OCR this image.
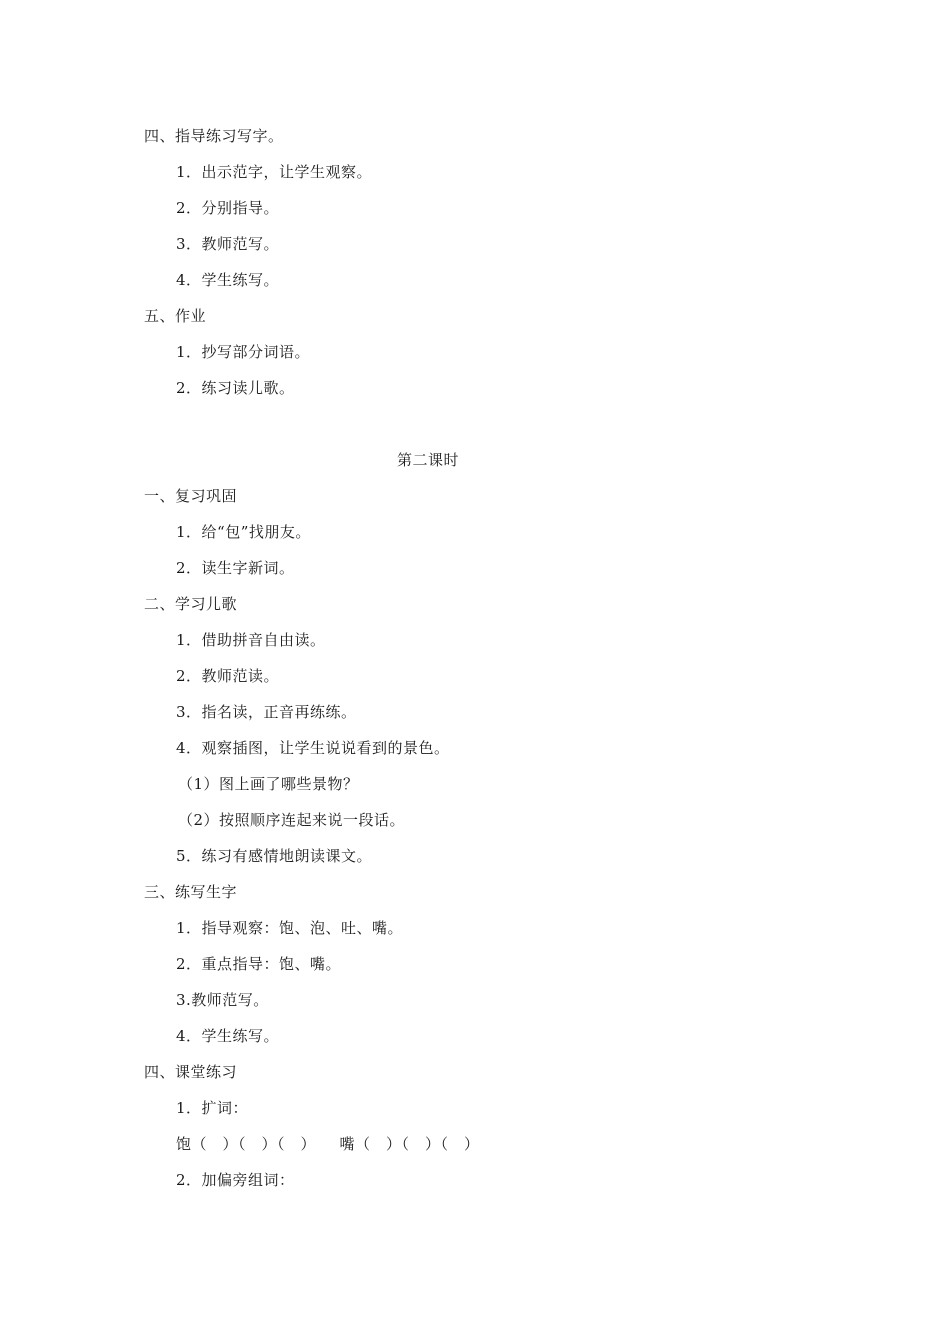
四、指导练习写字。
1．出示范字，让学生观察。
2．分别指导。
3．教师范写。
4．学生练写。
五、作业
1．抄写部分词语。
2．练习读儿歌。
第二课时
一、复习巩固
1．给“包”找朋友。
2．读生字新词。
二、学习儿歌
1．借助拼音自由读。
2．教师范读。
3．指名读，正音再练练。
4．观察插图，让学生说说看到的景色。
（1）图上画了哪些景物？
（2）按照顺序连起来说一段话。
5．练习有感情地朗读课文。
三、练写生字
1．指导观察：饱、泡、吐、嘴。
2．重点指导：饱、嘴。
3.教师范写。
4．学生练写。
四、课堂练习
1．扩词：
饱（　）（　）（　）　　嘴（　）（　）（　）
2．加偏旁组词：
